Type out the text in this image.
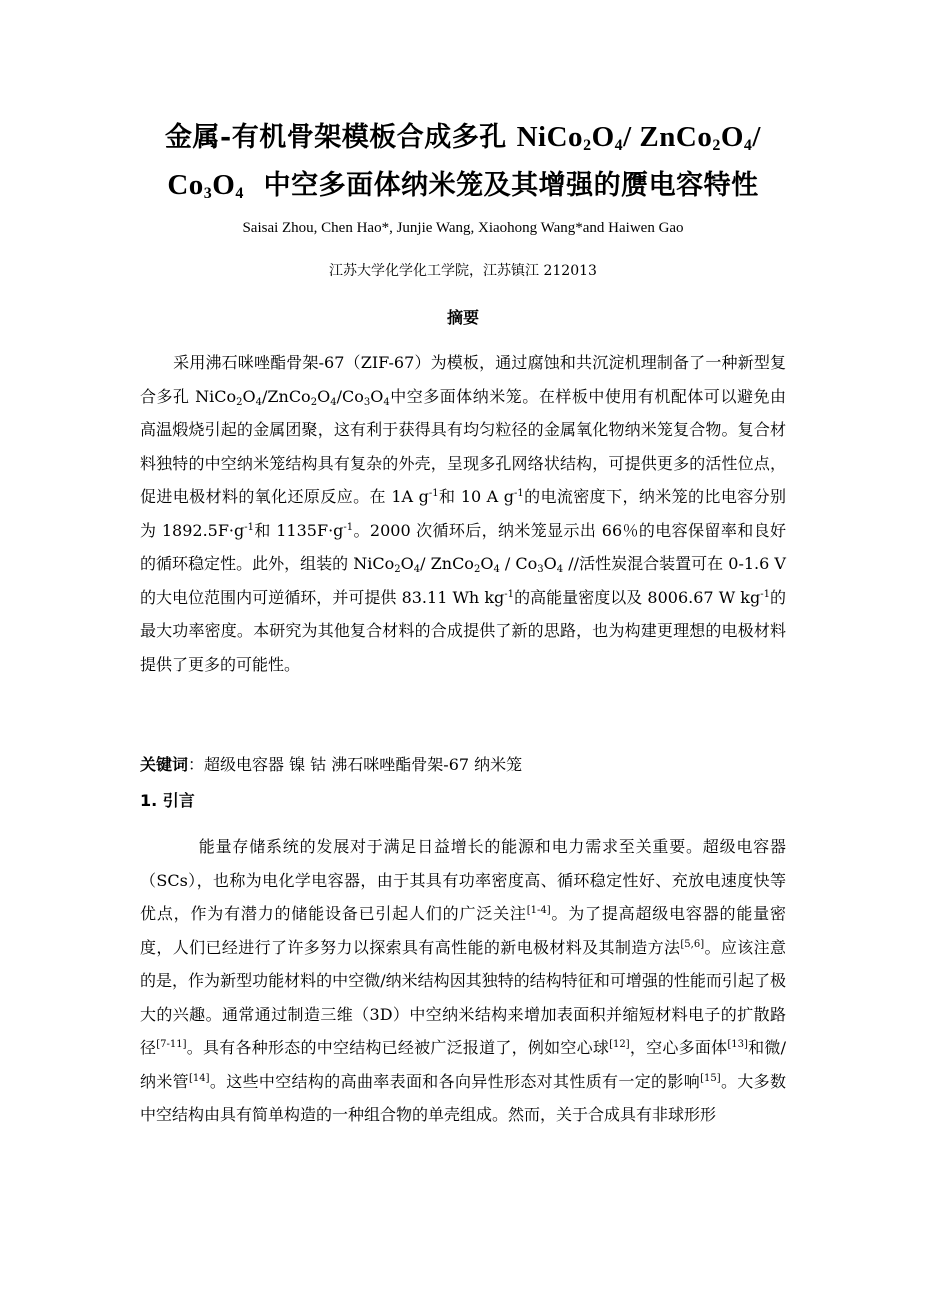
金属-有机骨架模板合成多孔 $NiCo_2O_4/$ $ZnCo_2O_4/$
$Co_3O_4$ 中空多面体纳米笼及其增强的赝电容特性
Saisai Zhou, Chen Hao*, Junjie Wang, Xiaohong Wang*and Haiwen Gao
江苏大学化学化工学院，江苏镇江 212013
摘要

采用沸石咪唑酯骨架-67（ZIF-67）为模板，通过腐蚀和共沉淀机理制备了一种新型复合多孔 $NiCo_2O_4/ZnCo_2O_4/Co_3O_4$中空多面体纳米笼。在样板中使用有机配体可以避免由高温煅烧引起的金属团聚，这有利于获得具有均匀粒径的金属氧化物纳米笼复合物。复合材料独特的中空纳米笼结构具有复杂的外壳，呈现多孔网络状结构，可提供更多的活性位点，促进电极材料的氧化还原反应。在 1A $g^{-1}$和 10 A $g^{-1}$的电流密度下，纳米笼的比电容分别为 $1892.5F\cdot g^{-1}$和 $1135F\cdot g^{-1}$。2000 次循环后，纳米笼显示出 66％的电容保留率和良好的循环稳定性。此外，组装的 $NiCo_2O_4/$ $ZnCo_2O_4 / Co_3O_4$ //活性炭混合装置可在 0-1.6 V 的大电位范围内可逆循环，并可提供 83.11 Wh $kg^{-1}$的高能量密度以及 8006.67 W $kg^{-1}$的最大功率密度。本研究为其他复合材料的合成提供了新的思路，也为构建更理想的电极材料提供了更多的可能性。

关键词：超级电容器 镍 钴 沸石咪唑酯骨架-67 纳米笼
1. 引言

能量存储系统的发展对于满足日益增长的能源和电力需求至关重要。超级电容器（SCs），也称为电化学电容器，由于其具有功率密度高、循环稳定性好、充放电速度快等优点，作为有潜力的储能设备已引起人们的广泛关注[1-4]。为了提高超级电容器的能量密度，人们已经进行了许多努力以探索具有高性能的新电极材料及其制造方法[5,6]。应该注意的是，作为新型功能材料的中空微/纳米结构因其独特的结构特征和可增强的性能而引起了极大的兴趣。通常通过制造三维（3D）中空纳米结构来增加表面积并缩短材料电子的扩散路径[7-11]。具有各种形态的中空结构已经被广泛报道了，例如空心球[12]，空心多面体[13]和微/纳米管[14]。这些中空结构的高曲率表面和各向异性形态对其性质有一定的影响[15]。大多数中空结构由具有简单构造的一种组合物的单壳组成。然而，关于合成具有非球形形
